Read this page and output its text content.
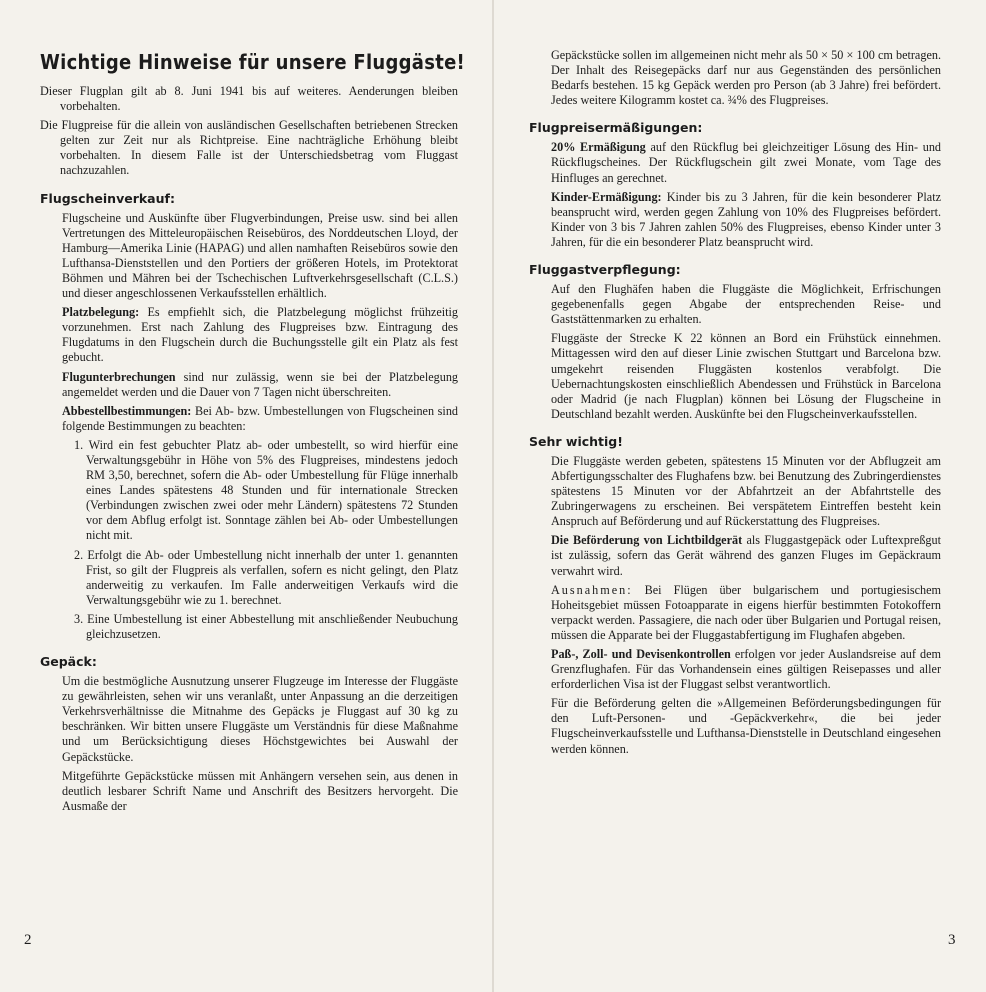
Wichtige Hinweise für unsere Fluggäste!

Dieser Flugplan gilt ab 8. Juni 1941 bis auf weiteres. Aenderungen bleiben vorbehalten.

Die Flugpreise für die allein von ausländischen Gesellschaften betriebenen Strecken gelten zur Zeit nur als Richtpreise. Eine nachträgliche Erhöhung bleibt vorbehalten. In diesem Falle ist der Unterschiedsbetrag vom Fluggast nachzuzahlen.

Flugscheinverkauf:

Flugscheine und Auskünfte über Flugverbindungen, Preise usw. sind bei allen Vertretungen des Mitteleuropäischen Reisebüros, des Norddeutschen Lloyd, der Hamburg—Amerika Linie (HAPAG) und allen namhaften Reisebüros sowie den Lufthansa-Dienststellen und den Portiers der größeren Hotels, im Protektorat Böhmen und Mähren bei der Tschechischen Luftverkehrsgesellschaft (C.L.S.) und dieser angeschlossenen Verkaufsstellen erhältlich.

Platzbelegung: Es empfiehlt sich, die Platzbelegung möglichst frühzeitig vorzunehmen. Erst nach Zahlung des Flugpreises bzw. Eintragung des Flugdatums in den Flugschein durch die Buchungsstelle gilt ein Platz als fest gebucht.

Flugunterbrechungen sind nur zulässig, wenn sie bei der Platzbelegung angemeldet werden und die Dauer von 7 Tagen nicht überschreiten.

Abbestellbestimmungen: Bei Ab- bzw. Umbestellungen von Flugscheinen sind folgende Bestimmungen zu beachten:

1. Wird ein fest gebuchter Platz ab- oder umbestellt, so wird hierfür eine Verwaltungsgebühr in Höhe von 5% des Flugpreises, mindestens jedoch RM 3,50, berechnet, sofern die Ab- oder Umbestellung für Flüge innerhalb eines Landes spätestens 48 Stunden und für internationale Strecken (Verbindungen zwischen zwei oder mehr Ländern) spätestens 72 Stunden vor dem Abflug erfolgt ist. Sonntage zählen bei Ab- oder Umbestellungen nicht mit.

2. Erfolgt die Ab- oder Umbestellung nicht innerhalb der unter 1. genannten Frist, so gilt der Flugpreis als verfallen, sofern es nicht gelingt, den Platz anderweitig zu verkaufen. Im Falle anderweitigen Verkaufs wird die Verwaltungsgebühr wie zu 1. berechnet.

3. Eine Umbestellung ist einer Abbestellung mit anschließender Neubuchung gleichzusetzen.

Gepäck:

Um die bestmögliche Ausnutzung unserer Flugzeuge im Interesse der Fluggäste zu gewährleisten, sehen wir uns veranlaßt, unter Anpassung an die derzeitigen Verkehrsverhältnisse die Mitnahme des Gepäcks je Fluggast auf 30 kg zu beschränken. Wir bitten unsere Fluggäste um Verständnis für diese Maßnahme und um Berücksichtigung dieses Höchstgewichtes bei Auswahl der Gepäckstücke.

Mitgeführte Gepäckstücke müssen mit Anhängern versehen sein, aus denen in deutlich lesbarer Schrift Name und Anschrift des Besitzers hervorgeht. Die Ausmaße der

2

Gepäckstücke sollen im allgemeinen nicht mehr als 50 × 50 × 100 cm betragen. Der Inhalt des Reisegepäcks darf nur aus Gegenständen des persönlichen Bedarfs bestehen. 15 kg Gepäck werden pro Person (ab 3 Jahre) frei befördert. Jedes weitere Kilogramm kostet ca. ¾% des Flugpreises.

Flugpreisermäßigungen:

20% Ermäßigung auf den Rückflug bei gleichzeitiger Lösung des Hin- und Rückflugscheines. Der Rückflugschein gilt zwei Monate, vom Tage des Hinfluges an gerechnet.

Kinder-Ermäßigung: Kinder bis zu 3 Jahren, für die kein besonderer Platz beansprucht wird, werden gegen Zahlung von 10% des Flugpreises befördert. Kinder von 3 bis 7 Jahren zahlen 50% des Flugpreises, ebenso Kinder unter 3 Jahren, für die ein besonderer Platz beansprucht wird.

Fluggastverpflegung:

Auf den Flughäfen haben die Fluggäste die Möglichkeit, Erfrischungen gegebenenfalls gegen Abgabe der entsprechenden Reise- und Gaststättenmarken zu erhalten.

Fluggäste der Strecke K 22 können an Bord ein Frühstück einnehmen. Mittagessen wird den auf dieser Linie zwischen Stuttgart und Barcelona bzw. umgekehrt reisenden Fluggästen kostenlos verabfolgt. Die Uebernachtungskosten einschließlich Abendessen und Frühstück in Barcelona oder Madrid (je nach Flugplan) können bei Lösung der Flugscheine in Deutschland bezahlt werden. Auskünfte bei den Flugscheinverkaufsstellen.

Sehr wichtig!

Die Fluggäste werden gebeten, spätestens 15 Minuten vor der Abflugzeit am Abfertigungsschalter des Flughafens bzw. bei Benutzung des Zubringerdienstes spätestens 15 Minuten vor der Abfahrtzeit an der Abfahrtstelle des Zubringerwagens zu erscheinen. Bei verspätetem Eintreffen besteht kein Anspruch auf Beförderung und auf Rückerstattung des Flugpreises.

Die Beförderung von Lichtbildgerät als Fluggastgepäck oder Luftexpreßgut ist zulässig, sofern das Gerät während des ganzen Fluges im Gepäckraum verwahrt wird.

Ausnahmen: Bei Flügen über bulgarischem und portugiesischem Hoheitsgebiet müssen Fotoapparate in eigens hierfür bestimmten Fotokoffern verpackt werden. Passagiere, die nach oder über Bulgarien und Portugal reisen, müssen die Apparate bei der Fluggastabfertigung im Flughafen abgeben.

Paß-, Zoll- und Devisenkontrollen erfolgen vor jeder Auslandsreise auf dem Grenzflughafen. Für das Vorhandensein eines gültigen Reisepasses und aller erforderlichen Visa ist der Fluggast selbst verantwortlich.

Für die Beförderung gelten die »Allgemeinen Beförderungsbedingungen für den Luft-Personen- und -Gepäckverkehr«, die bei jeder Flugscheinverkaufsstelle und Lufthansa-Dienststelle in Deutschland eingesehen werden können.

3
